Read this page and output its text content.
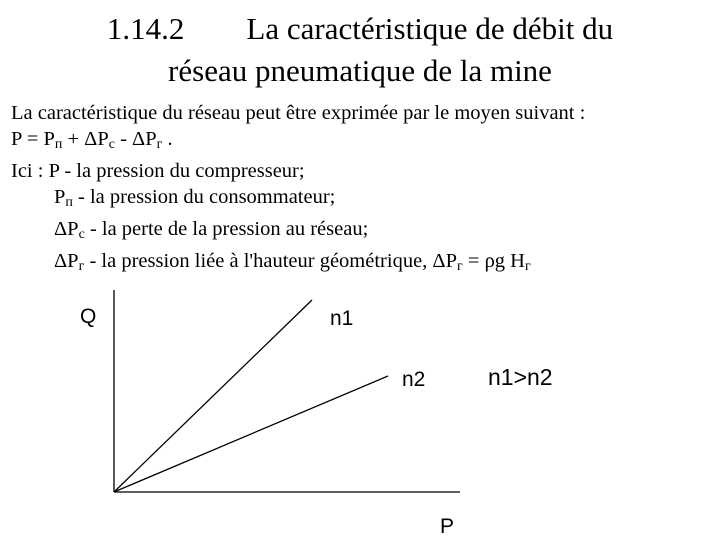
1.14.2 La caractéristique de débit du
réseau pneumatique de la mine
La caractéristique du réseau peut être exprimée par le moyen suivant :
$P = P_п + \Delta P_c - \Delta P_г$ .
Ici : P - la pression du compresseur;
$P_п$ - la pression du consommateur;
$\Delta P_c$ - la perte de la pression au réseau;
$\Delta P_г$ - la pression liée à l'hauteur géométrique, $\Delta P_г = \rho g$ $H_г$
Q
P
n1
n2	n1>n2
